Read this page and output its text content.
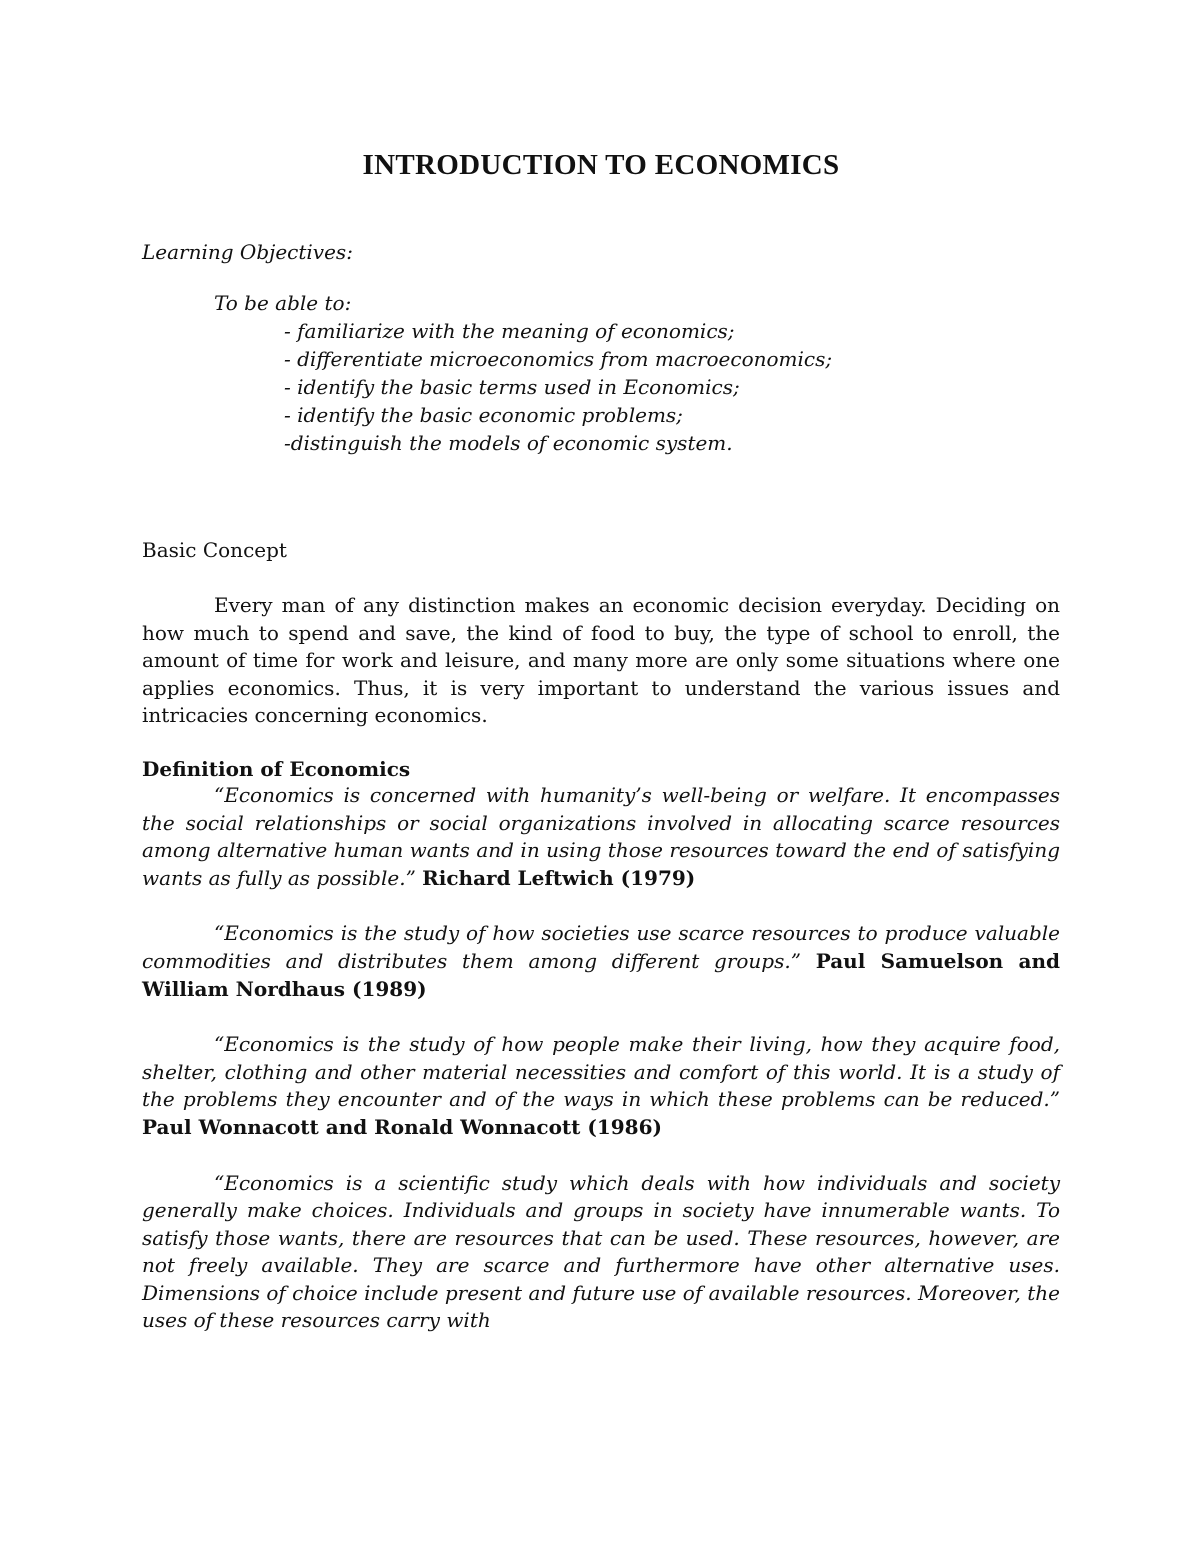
INTRODUCTION TO ECONOMICS
Learning Objectives:
To be able to:
- familiarize with the meaning of economics;
- differentiate microeconomics from macroeconomics;
- identify the basic terms used in Economics;
- identify the basic economic problems;
-distinguish the models of economic system.
Basic Concept

Every man of any distinction makes an economic decision everyday. Deciding on how much to spend and save, the kind of food to buy, the type of school to enroll, the amount of time for work and leisure, and many more are only some situations where one applies economics. Thus, it is very important to understand the various issues and intricacies concerning economics.

Definition of Economics

“Economics is concerned with humanity’s well-being or welfare. It encompasses the social relationships or social organizations involved in allocating scarce resources among alternative human wants and in using those resources toward the end of satisfying wants as fully as possible.” Richard Leftwich (1979)

“Economics is the study of how societies use scarce resources to produce valuable commodities and distributes them among different groups.” Paul Samuelson and William Nordhaus (1989)

“Economics is the study of how people make their living, how they acquire food, shelter, clothing and other material necessities and comfort of this world. It is a study of the problems they encounter and of the ways in which these problems can be reduced.” Paul Wonnacott and Ronald Wonnacott (1986)

“Economics is a scientific study which deals with how individuals and society generally make choices. Individuals and groups in society have innumerable wants. To satisfy those wants, there are resources that can be used. These resources, however, are not freely available. They are scarce and furthermore have other alternative uses. Dimensions of choice include present and future use of available resources. Moreover, the uses of these resources carry with
